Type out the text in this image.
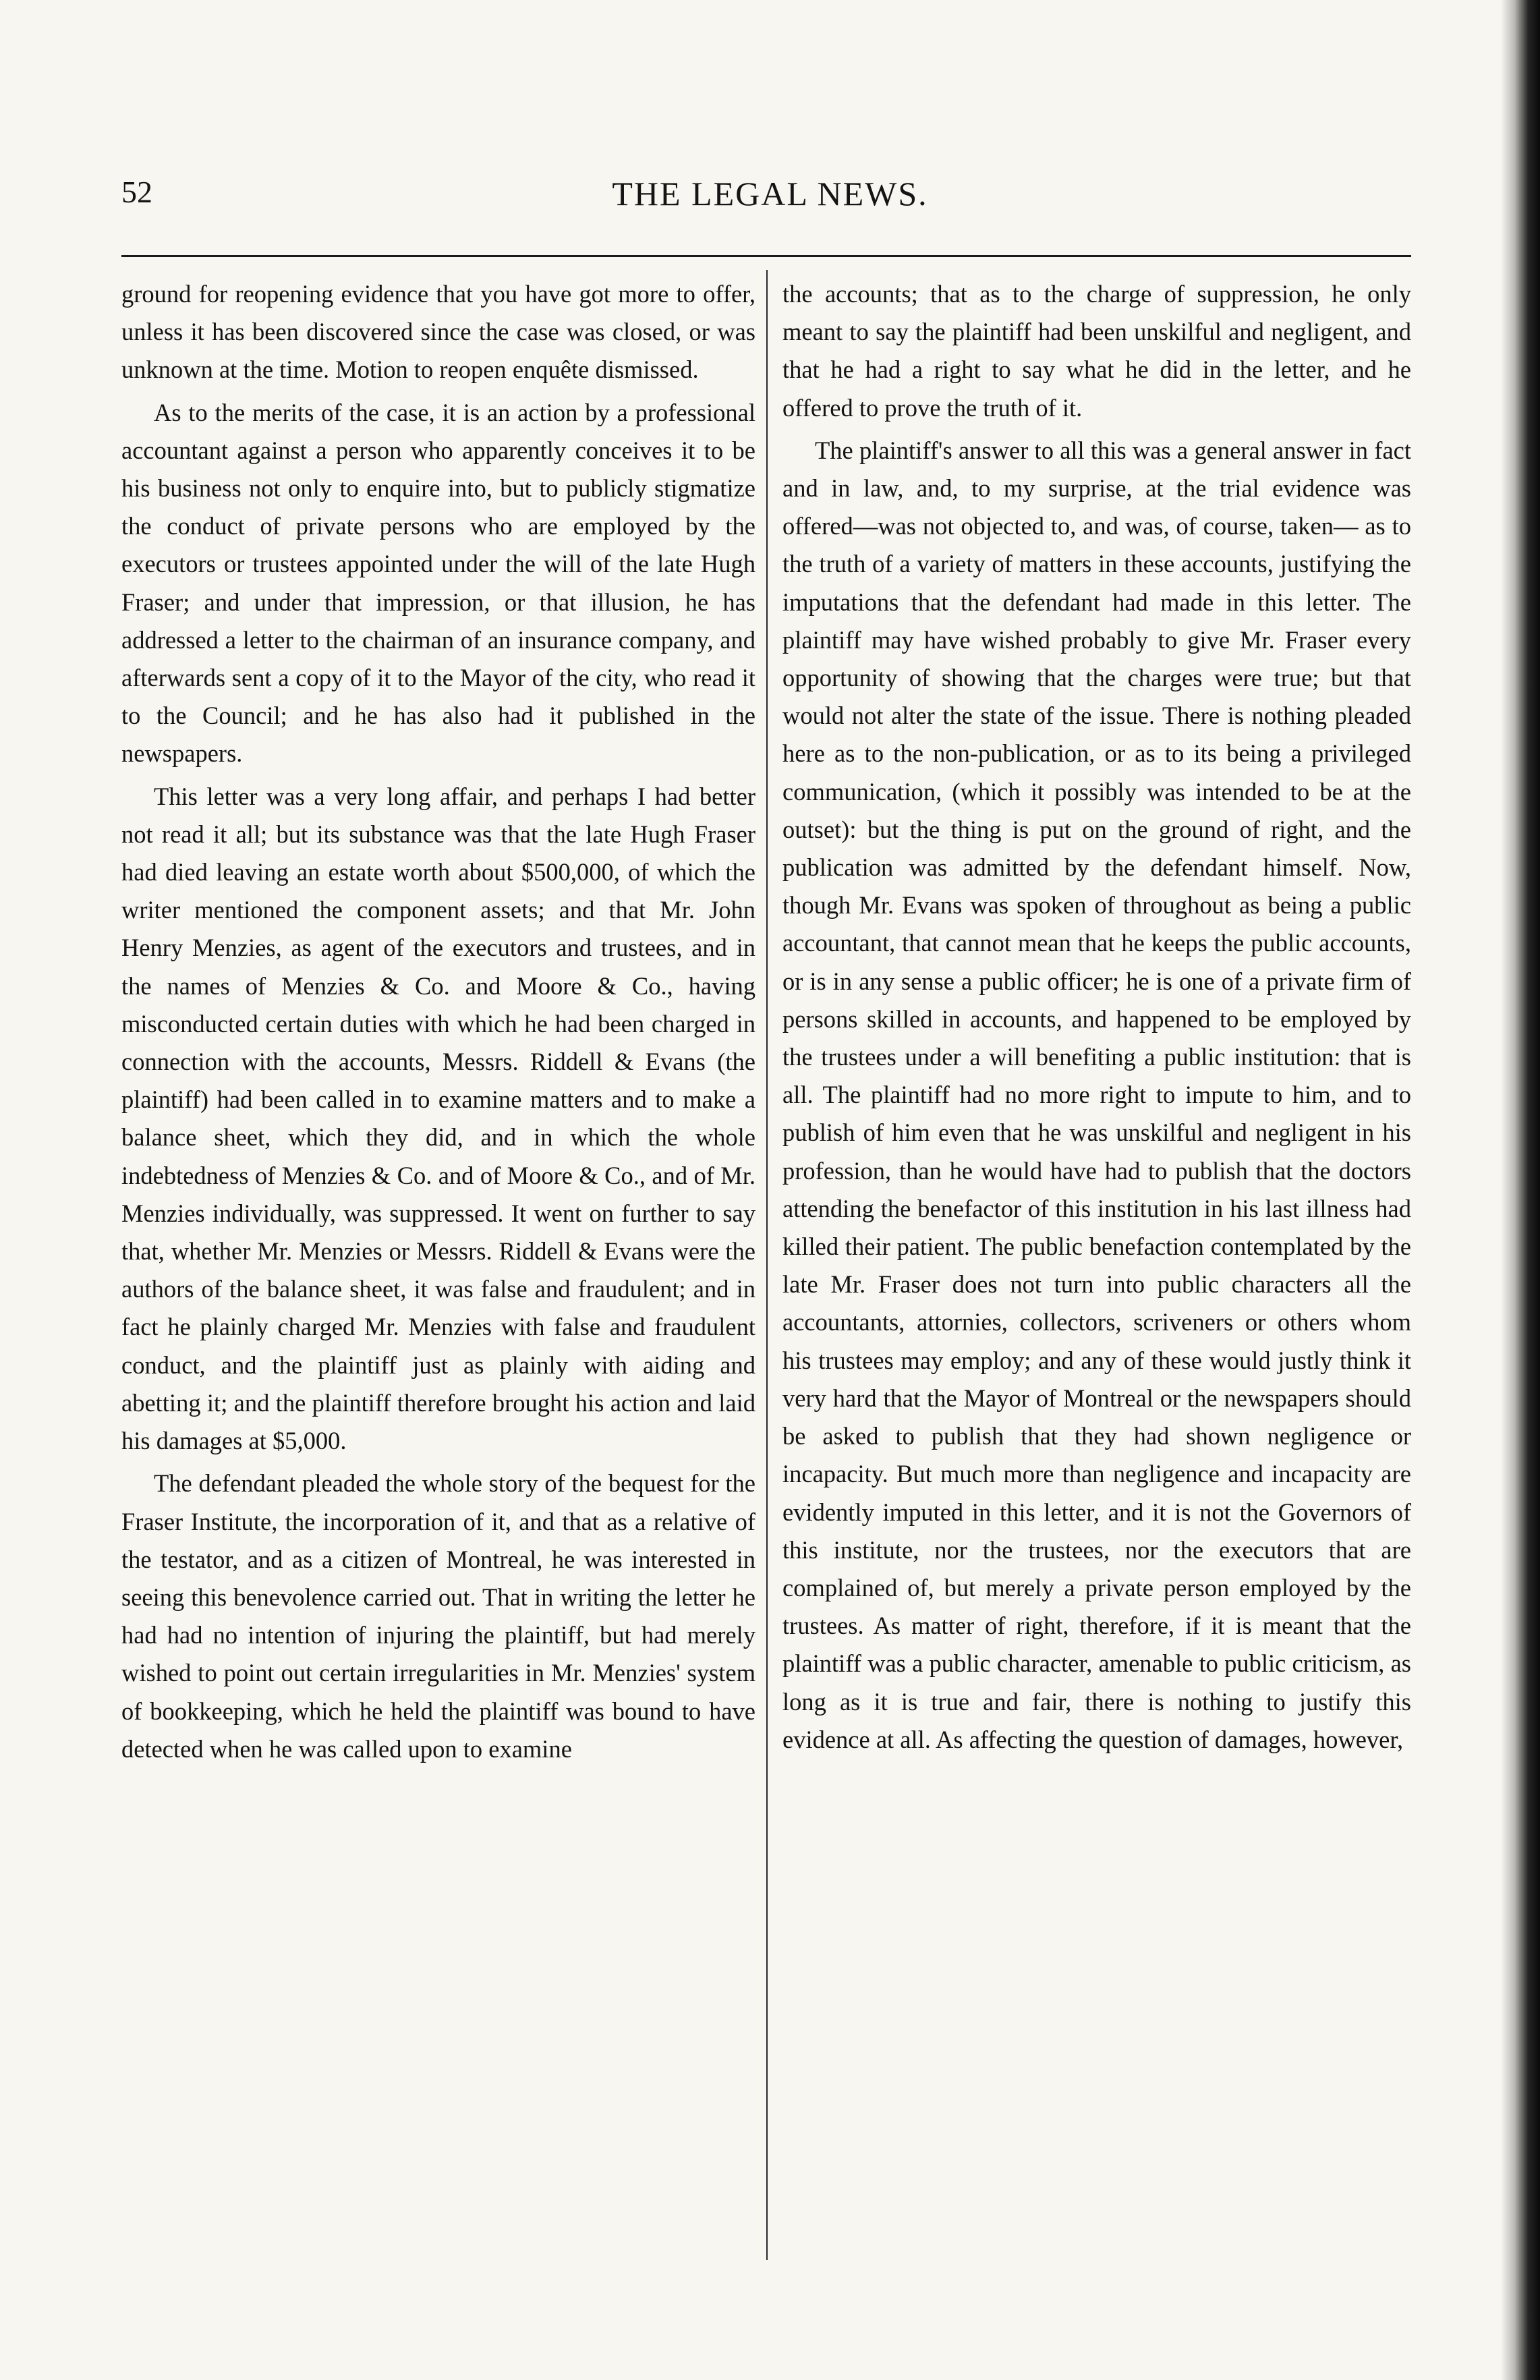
52	THE LEGAL NEWS.

ground for reopening evidence that you have got more to offer, unless it has been discovered since the case was closed, or was unknown at the time. Motion to reopen enquête dismissed.

As to the merits of the case, it is an action by a professional accountant against a person who apparently conceives it to be his business not only to enquire into, but to publicly stigmatize the conduct of private persons who are employed by the executors or trustees appointed under the will of the late Hugh Fraser; and under that impression, or that illusion, he has addressed a letter to the chairman of an insurance company, and afterwards sent a copy of it to the Mayor of the city, who read it to the Council; and he has also had it published in the newspapers.

This letter was a very long affair, and perhaps I had better not read it all; but its substance was that the late Hugh Fraser had died leaving an estate worth about $500,000, of which the writer mentioned the component assets; and that Mr. John Henry Menzies, as agent of the executors and trustees, and in the names of Menzies & Co. and Moore & Co., having misconducted certain duties with which he had been charged in connection with the accounts, Messrs. Riddell & Evans (the plaintiff) had been called in to examine matters and to make a balance sheet, which they did, and in which the whole indebtedness of Menzies & Co. and of Moore & Co., and of Mr. Menzies individually, was suppressed. It went on further to say that, whether Mr. Menzies or Messrs. Riddell & Evans were the authors of the balance sheet, it was false and fraudulent; and in fact he plainly charged Mr. Menzies with false and fraudulent conduct, and the plaintiff just as plainly with aiding and abetting it; and the plaintiff therefore brought his action and laid his damages at $5,000.

The defendant pleaded the whole story of the bequest for the Fraser Institute, the incorporation of it, and that as a relative of the testator, and as a citizen of Montreal, he was interested in seeing this benevolence carried out. That in writing the letter he had had no intention of injuring the plaintiff, but had merely wished to point out certain irregularities in Mr. Menzies' system of bookkeeping, which he held the plaintiff was bound to have detected when he was called upon to examine

the accounts; that as to the charge of suppression, he only meant to say the plaintiff had been unskilful and negligent, and that he had a right to say what he did in the letter, and he offered to prove the truth of it.

The plaintiff's answer to all this was a general answer in fact and in law, and, to my surprise, at the trial evidence was offered—was not objected to, and was, of course, taken— as to the truth of a variety of matters in these accounts, justifying the imputations that the defendant had made in this letter. The plaintiff may have wished probably to give Mr. Fraser every opportunity of showing that the charges were true; but that would not alter the state of the issue. There is nothing pleaded here as to the non-publication, or as to its being a privileged communication, (which it possibly was intended to be at the outset): but the thing is put on the ground of right, and the publication was admitted by the defendant himself. Now, though Mr. Evans was spoken of throughout as being a public accountant, that cannot mean that he keeps the public accounts, or is in any sense a public officer; he is one of a private firm of persons skilled in accounts, and happened to be employed by the trustees under a will benefiting a public institution: that is all. The plaintiff had no more right to impute to him, and to publish of him even that he was unskilful and negligent in his profession, than he would have had to publish that the doctors attending the benefactor of this institution in his last illness had killed their patient. The public benefaction contemplated by the late Mr. Fraser does not turn into public characters all the accountants, attornies, collectors, scriveners or others whom his trustees may employ; and any of these would justly think it very hard that the Mayor of Montreal or the newspapers should be asked to publish that they had shown negligence or incapacity. But much more than negligence and incapacity are evidently imputed in this letter, and it is not the Governors of this institute, nor the trustees, nor the executors that are complained of, but merely a private person employed by the trustees. As matter of right, therefore, if it is meant that the plaintiff was a public character, amenable to public criticism, as long as it is true and fair, there is nothing to justify this evidence at all. As affecting the question of damages, however,
